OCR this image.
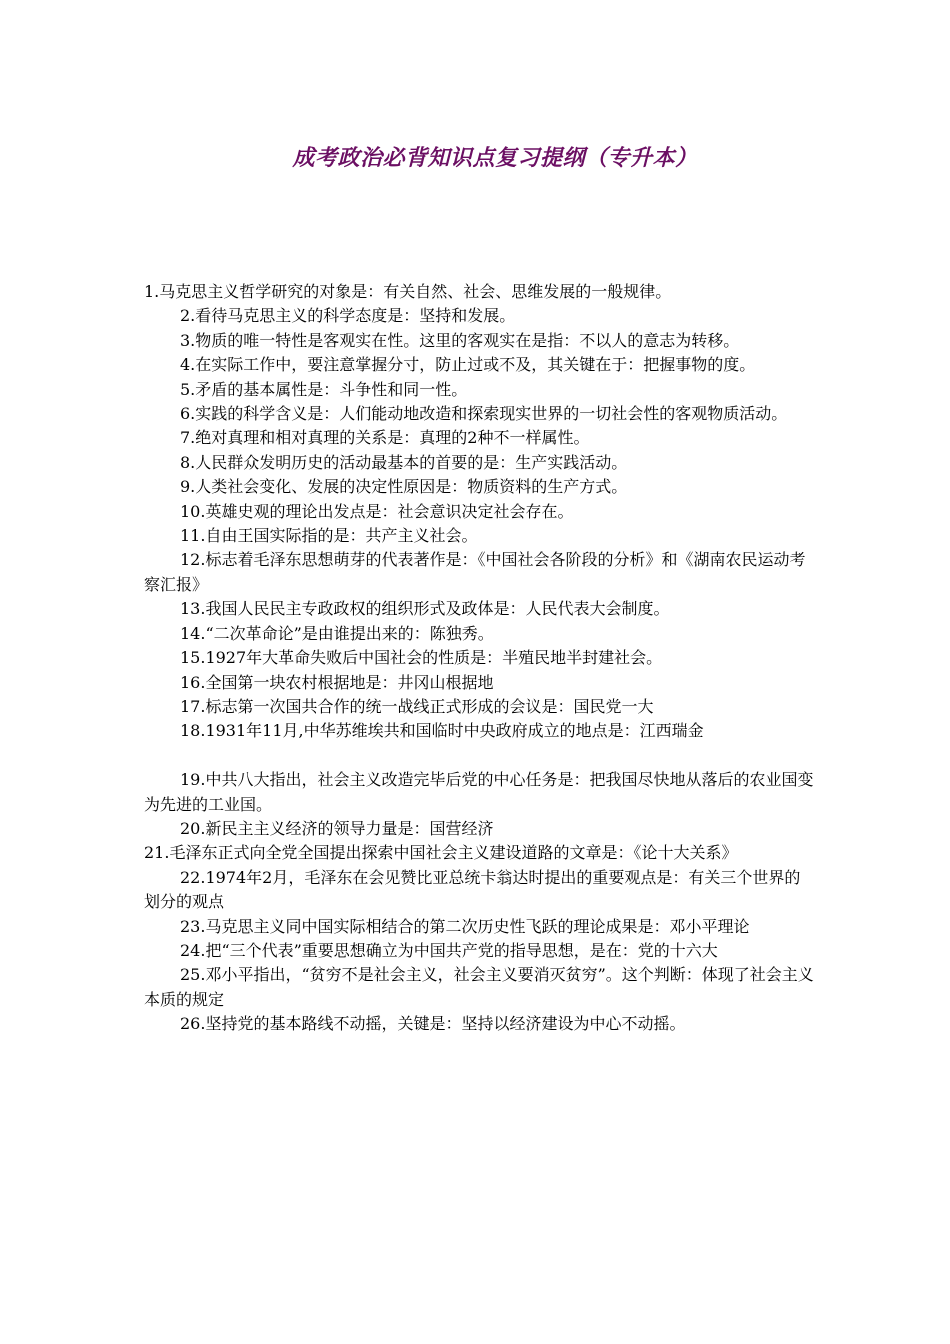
成考政治必背知识点复习提纲（专升本）

1.马克思主义哲学研究的对象是：有关自然、社会、思维发展的一般规律。

2.看待马克思主义的科学态度是：坚持和发展。

3.物质的唯一特性是客观实在性。这里的客观实在是指：不以人的意志为转移。

4.在实际工作中，要注意掌握分寸，防止过或不及，其关键在于：把握事物的度。

5.矛盾的基本属性是：斗争性和同一性。

6.实践的科学含义是：人们能动地改造和探索现实世界的一切社会性的客观物质活动。

7.绝对真理和相对真理的关系是：真理的2种不一样属性。

8.人民群众发明历史的活动最基本的首要的是：生产实践活动。

9.人类社会变化、发展的决定性原因是：物质资料的生产方式。

10.英雄史观的理论出发点是：社会意识决定社会存在。

11.自由王国实际指的是：共产主义社会。

12.标志着毛泽东思想萌芽的代表著作是：《中国社会各阶段的分析》和《湖南农民运动考察汇报》

13.我国人民民主专政政权的组织形式及政体是：人民代表大会制度。

14.“二次革命论”是由谁提出来的：陈独秀。

15.1927年大革命失败后中国社会的性质是：半殖民地半封建社会。

16.全国第一块农村根据地是：井冈山根据地

17.标志第一次国共合作的统一战线正式形成的会议是：国民党一大

18.1931年11月,中华苏维埃共和国临时中央政府成立的地点是：江西瑞金

19.中共八大指出，社会主义改造完毕后党的中心任务是：把我国尽快地从落后的农业国变为先进的工业国。

20.新民主主义经济的领导力量是：国营经济

21.毛泽东正式向全党全国提出探索中国社会主义建设道路的文章是：《论十大关系》

22.1974年2月，毛泽东在会见赞比亚总统卡翁达时提出的重要观点是：有关三个世界的划分的观点

23.马克思主义同中国实际相结合的第二次历史性飞跃的理论成果是：邓小平理论

24.把“三个代表”重要思想确立为中国共产党的指导思想，是在：党的十六大

25.邓小平指出，“贫穷不是社会主义，社会主义要消灭贫穷”。这个判断：体现了社会主义本质的规定

26.坚持党的基本路线不动摇，关键是：坚持以经济建设为中心不动摇。
